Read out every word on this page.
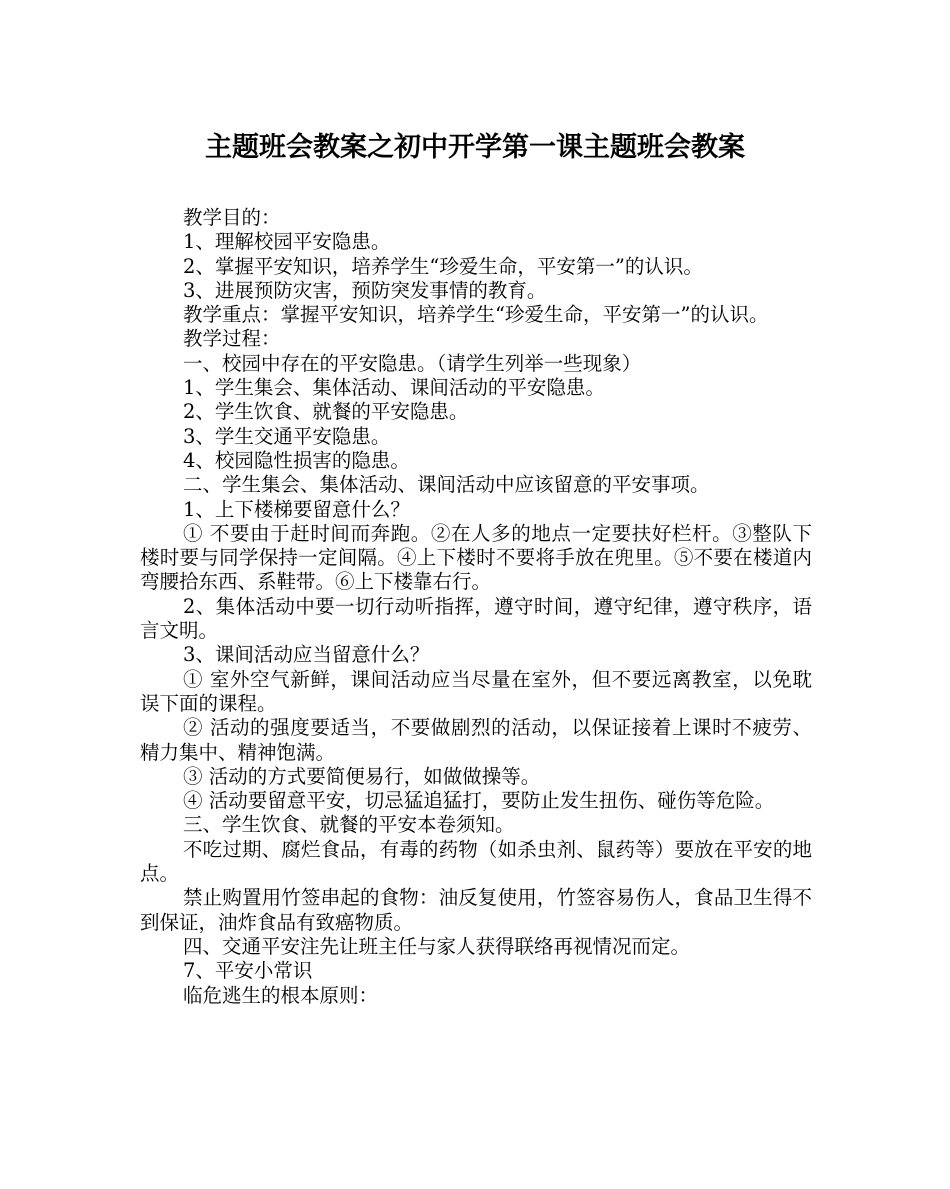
主题班会教案之初中开学第一课主题班会教案

教学目的：

1、理解校园平安隐患。

2、掌握平安知识，培养学生“珍爱生命，平安第一”的认识。

3、进展预防灾害，预防突发事情的教育。

教学重点：掌握平安知识，培养学生“珍爱生命，平安第一”的认识。

教学过程：

一、校园中存在的平安隐患。（请学生列举一些现象）

1、学生集会、集体活动、课间活动的平安隐患。

2、学生饮食、就餐的平安隐患。

3、学生交通平安隐患。

4、校园隐性损害的隐患。

二、学生集会、集体活动、课间活动中应该留意的平安事项。

1、上下楼梯要留意什么？

① 不要由于赶时间而奔跑。②在人多的地点一定要扶好栏杆。③整队下楼时要与同学保持一定间隔。④上下楼时不要将手放在兜里。⑤不要在楼道内弯腰拾东西、系鞋带。⑥上下楼靠右行。

2、集体活动中要一切行动听指挥，遵守时间，遵守纪律，遵守秩序，语言文明。

3、课间活动应当留意什么？

① 室外空气新鲜，课间活动应当尽量在室外，但不要远离教室，以免耽误下面的课程。

② 活动的强度要适当，不要做剧烈的活动，以保证接着上课时不疲劳、精力集中、精神饱满。

③ 活动的方式要简便易行，如做做操等。

④ 活动要留意平安，切忌猛追猛打，要防止发生扭伤、碰伤等危险。

三、学生饮食、就餐的平安本卷须知。

不吃过期、腐烂食品，有毒的药物（如杀虫剂、鼠药等）要放在平安的地点。

禁止购置用竹签串起的食物：油反复使用，竹签容易伤人，食品卫生得不到保证，油炸食品有致癌物质。

四、交通平安注先让班主任与家人获得联络再视情况而定。

7、平安小常识

临危逃生的根本原则：
